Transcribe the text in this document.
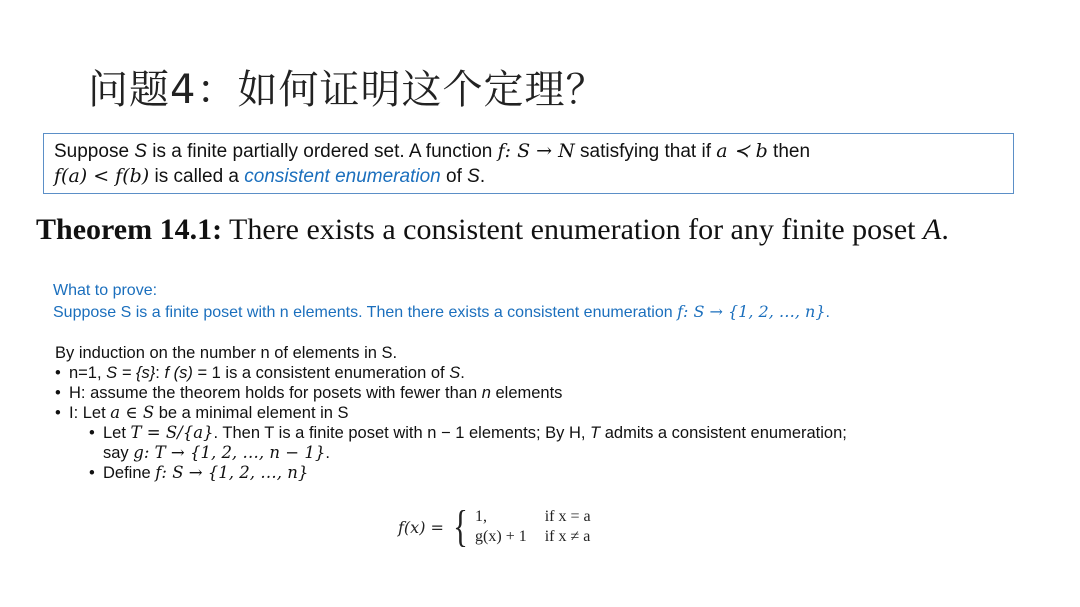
问题4：如何证明这个定理？
Suppose S is a finite partially ordered set. A function f: S → N satisfying that if a ≺ b then
f(a) < f(b) is called a consistent enumeration of S.
Theorem 14.1: There exists a consistent enumeration for any finite poset A.
What to prove:
Suppose S is a finite poset with n elements. Then there exists a consistent enumeration f: S → {1, 2, …, n}.
By induction on the number n of elements in S.
• n=1, S = {s}: f (s) = 1 is a consistent enumeration of S.
• H: assume the theorem holds for posets with fewer than n elements
• I: Let a ∈ S be a minimal element in S
• Let T = S/{a}. Then T is a finite poset with n − 1 elements; By H, T admits a consistent enumeration;
say g: T → {1, 2, …, n − 1}.
• Define f: S → {1, 2, …, n}
f(x) = { 1,	if x = a
g(x) + 1	if x ≠ a
